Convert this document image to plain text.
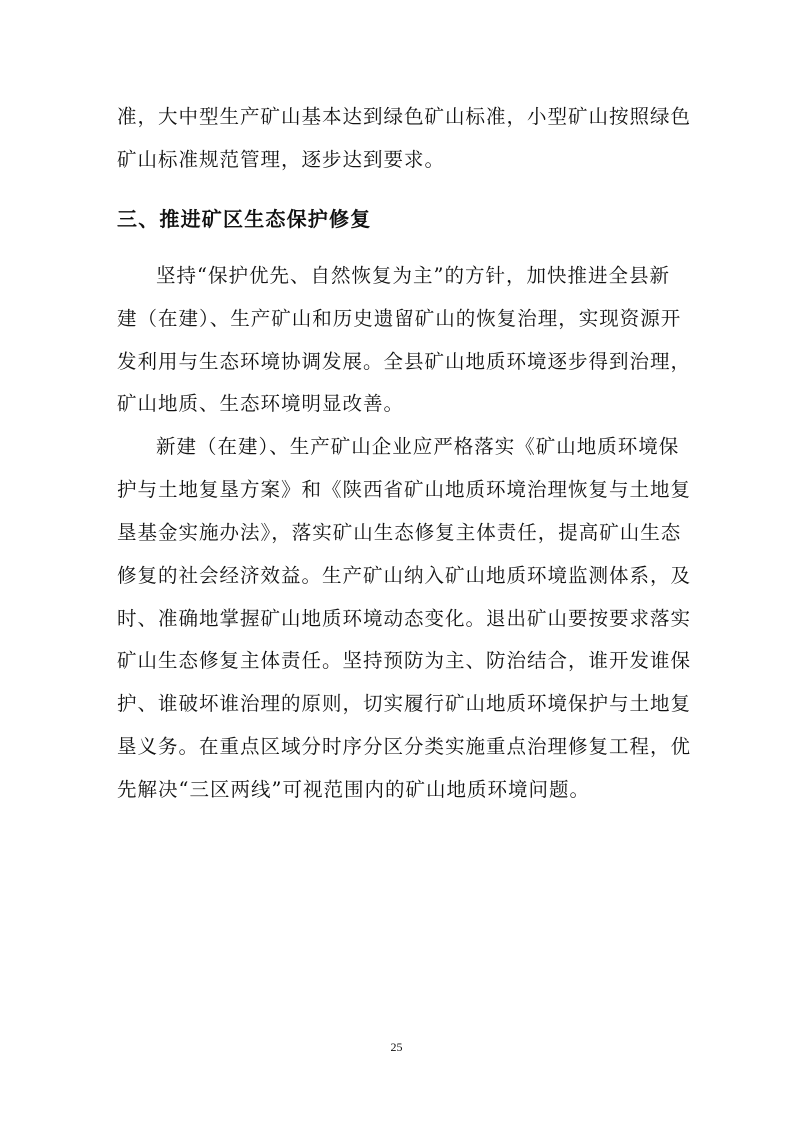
准，大中型生产矿山基本达到绿色矿山标准，小型矿山按照绿色
矿山标准规范管理，逐步达到要求。
三、推进矿区生态保护修复
坚持“保护优先、自然恢复为主”的方针，加快推进全县新
建（在建）、生产矿山和历史遗留矿山的恢复治理，实现资源开
发利用与生态环境协调发展。全县矿山地质环境逐步得到治理，
矿山地质、生态环境明显改善。
新建（在建）、生产矿山企业应严格落实《矿山地质环境保
护与土地复垦方案》和《陕西省矿山地质环境治理恢复与土地复
垦基金实施办法》，落实矿山生态修复主体责任，提高矿山生态
修复的社会经济效益。生产矿山纳入矿山地质环境监测体系，及
时、准确地掌握矿山地质环境动态变化。退出矿山要按要求落实
矿山生态修复主体责任。坚持预防为主、防治结合，谁开发谁保
护、谁破坏谁治理的原则，切实履行矿山地质环境保护与土地复
垦义务。在重点区域分时序分区分类实施重点治理修复工程，优
先解决“三区两线”可视范围内的矿山地质环境问题。
25
